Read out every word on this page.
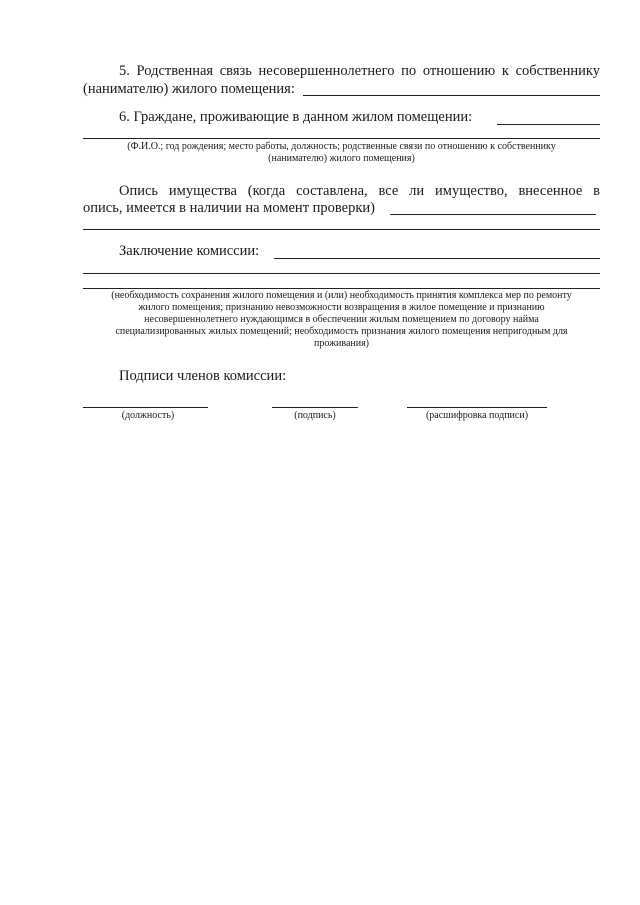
5. Родственная связь несовершеннолетнего по отношению к собственнику
(нанимателю) жилого помещения:
6. Граждане, проживающие в данном жилом помещении:
(Ф.И.О.; год рождения; место работы, должность; родственные связи по отношению к собственнику
(нанимателю) жилого помещения)
Опись имущества (когда составлена, все ли имущество, внесенное в
опись, имеется в наличии на момент проверки)
Заключение комиссии:
(необходимость сохранения жилого помещения и (или) необходимость принятия комплекса мер по ремонту
жилого помещения; признанию невозможности возвращения в жилое помещение и признанию
несовершеннолетнего нуждающимся в обеспечении жилым помещением по договору найма
специализированных жилых помещений; необходимость признания жилого помещения непригодным для
проживания)
Подписи членов комиссии:
(должность)	(подпись)	(расшифровка подписи)
